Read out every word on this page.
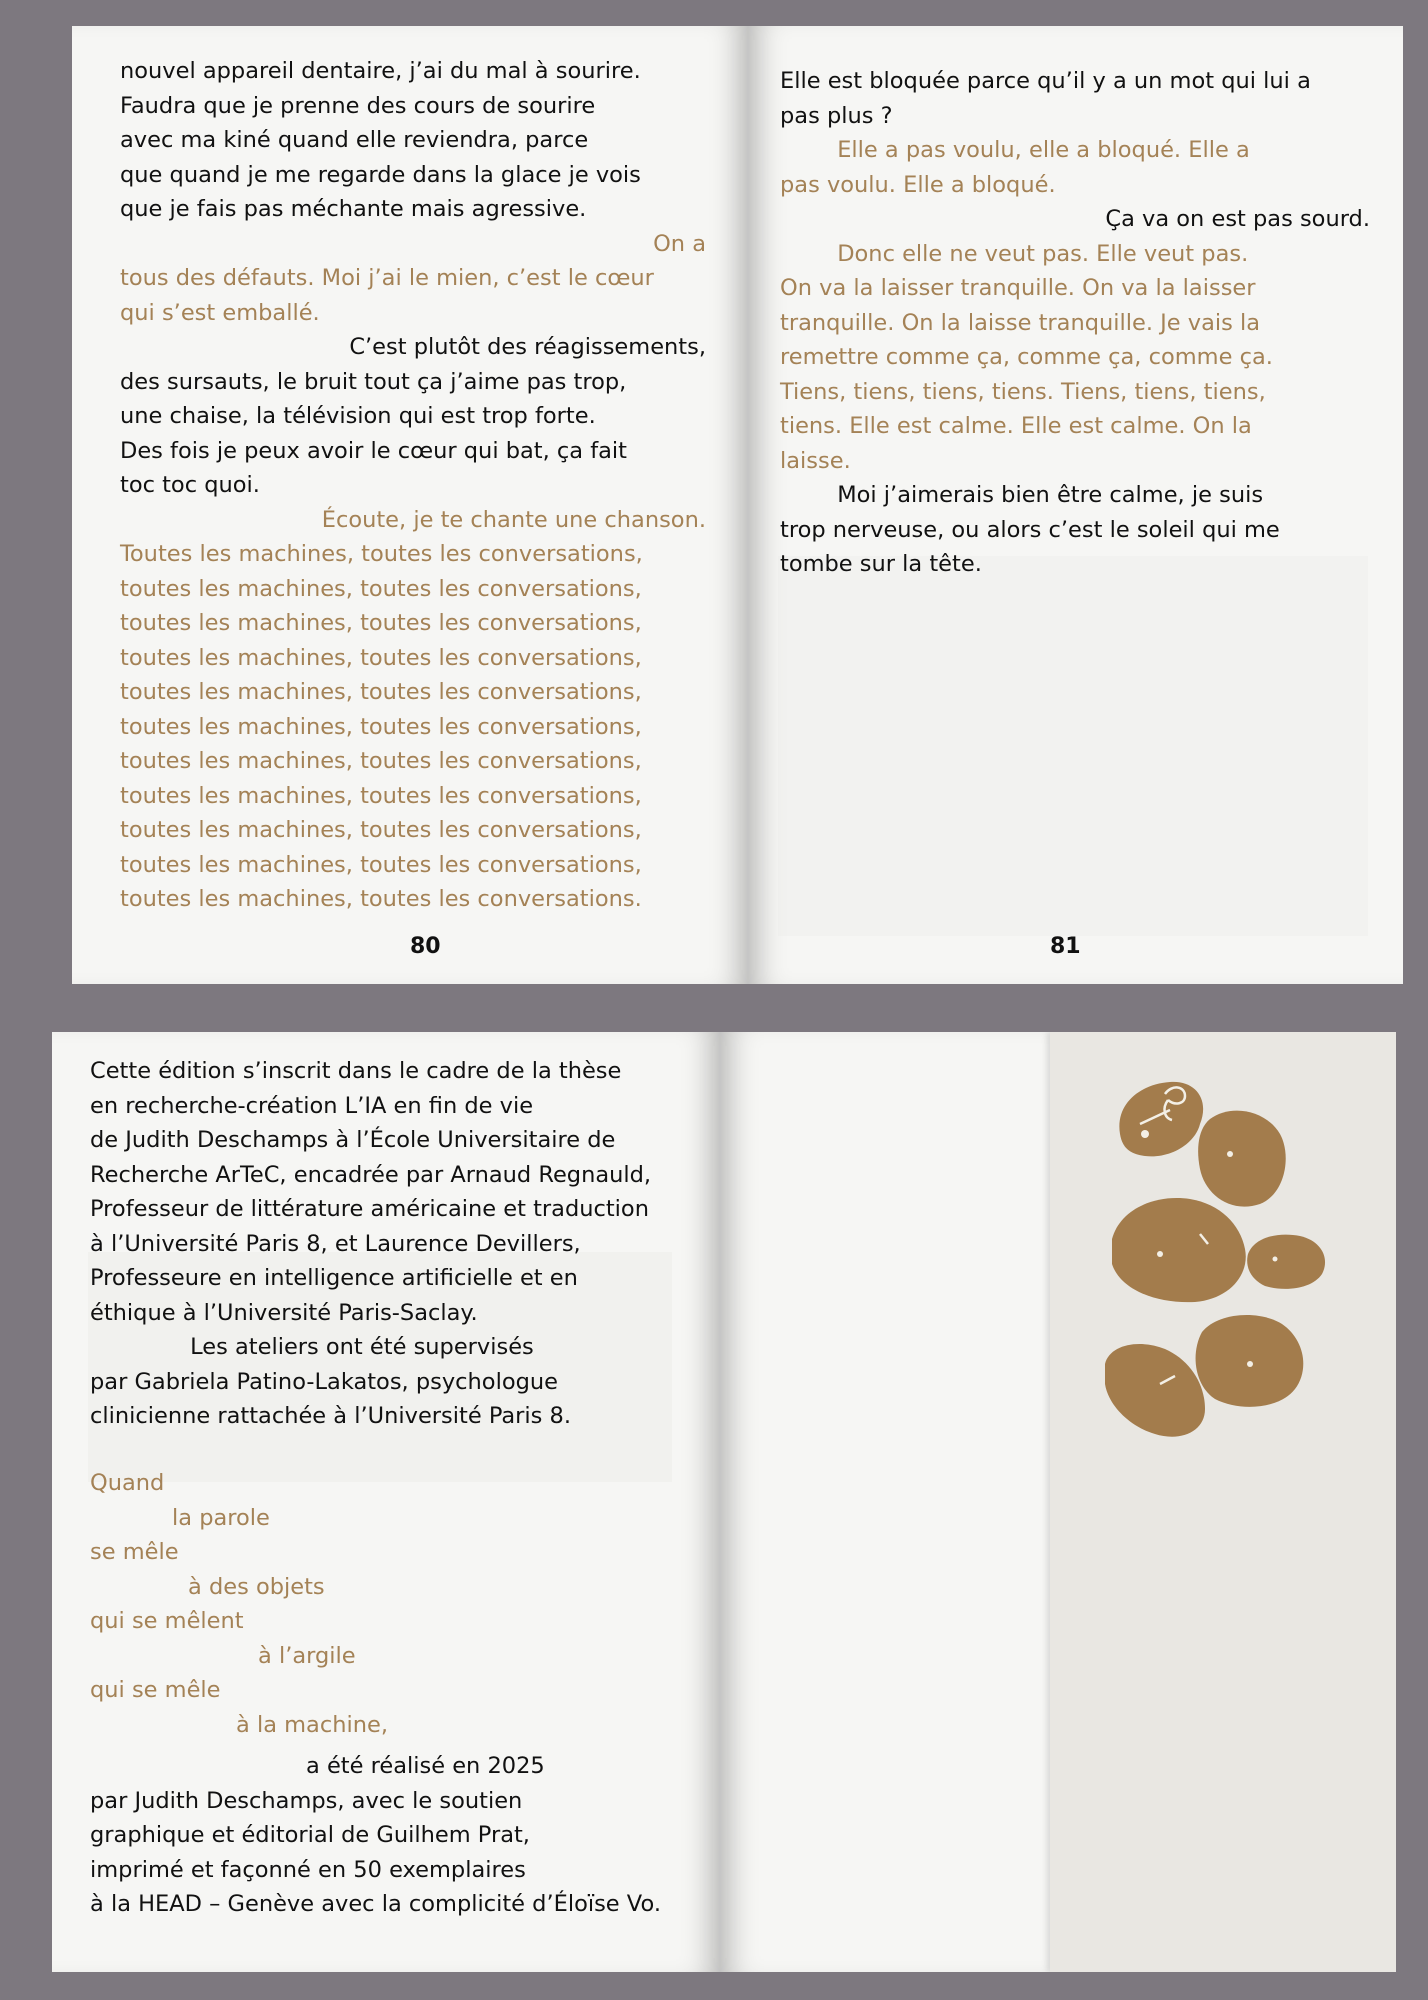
nouvel appareil dentaire, j’ai du mal à sourire.
Faudra que je prenne des cours de sourire
avec ma kiné quand elle reviendra, parce
que quand je me regarde dans la glace je vois
que je fais pas méchante mais agressive.
On a
tous des défauts. Moi j’ai le mien, c’est le cœur
qui s’est emballé.
C’est plutôt des réagissements,
des sursauts, le bruit tout ça j’aime pas trop,
une chaise, la télévision qui est trop forte.
Des fois je peux avoir le cœur qui bat, ça fait
toc toc quoi.
Écoute, je te chante une chanson.
Toutes les machines, toutes les conversations,
toutes les machines, toutes les conversations,
toutes les machines, toutes les conversations,
toutes les machines, toutes les conversations,
toutes les machines, toutes les conversations,
toutes les machines, toutes les conversations,
toutes les machines, toutes les conversations,
toutes les machines, toutes les conversations,
toutes les machines, toutes les conversations,
toutes les machines, toutes les conversations,
toutes les machines, toutes les conversations.
80
Elle est bloquée parce qu’il y a un mot qui lui a
pas plus ?
Elle a pas voulu, elle a bloqué. Elle a
pas voulu. Elle a bloqué.
Ça va on est pas sourd.
Donc elle ne veut pas. Elle veut pas.
On va la laisser tranquille. On va la laisser
tranquille. On la laisse tranquille. Je vais la
remettre comme ça, comme ça, comme ça.
Tiens, tiens, tiens, tiens. Tiens, tiens, tiens,
tiens. Elle est calme. Elle est calme. On la
laisse.
Moi j’aimerais bien être calme, je suis
trop nerveuse, ou alors c’est le soleil qui me
tombe sur la tête.
81
Cette édition s’inscrit dans le cadre de la thèse
en recherche-création L’IA en fin de vie
de Judith Deschamps à l’École Universitaire de
Recherche ArTeC, encadrée par Arnaud Regnauld,
Professeur de littérature américaine et traduction
à l’Université Paris 8, et Laurence Devillers,
Professeure en intelligence artificielle et en
éthique à l’Université Paris-Saclay.
Les ateliers ont été supervisés
par Gabriela Patino-Lakatos, psychologue
clinicienne rattachée à l’Université Paris 8.
Quand
la parole
se mêle
à des objets
qui se mêlent
à l’argile
qui se mêle
à la machine,
a été réalisé en 2025
par Judith Deschamps, avec le soutien
graphique et éditorial de Guilhem Prat,
imprimé et façonné en 50 exemplaires
à la HEAD – Genève avec la complicité d’Éloïse Vo.
